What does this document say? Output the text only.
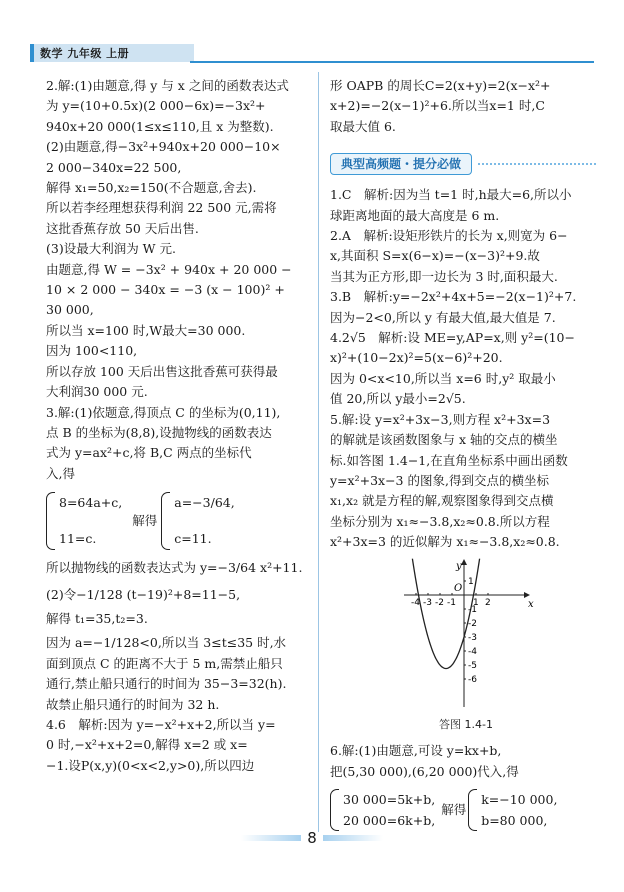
数学 九年级 上册
2.解:(1)由题意,得 y 与 x 之间的函数表达式
为 y=(10+0.5x)(2 000−6x)=−3x²+
940x+20 000(1≤x≤110,且 x 为整数).
(2)由题意,得−3x²+940x+20 000−10×
2 000−340x=22 500,
解得 x₁=50,x₂=150(不合题意,舍去).
所以若李经理想获得利润 22 500 元,需将
这批香蕉存放 50 天后出售.
(3)设最大利润为 W 元.
由题意,得 W = −3x² + 940x + 20 000 −
10 × 2 000 − 340x = −3 (x − 100)² +
30 000,
所以当 x=100 时,W最大=30 000.
因为 100<110,
所以存放 100 天后出售这批香蕉可获得最
大利润30 000 元.
3.解:(1)依题意,得顶点 C 的坐标为(0,11),
点 B 的坐标为(8,8),设抛物线的函数表达
式为 y=ax²+c,将 B,C 两点的坐标代
入,得
8=64a+c,
11=c.
解得
a=−3/64,
c=11.
所以抛物线的函数表达式为 y=−3/64 x²+11.
(2)令−1/128 (t−19)²+8=11−5,
解得 t₁=35,t₂=3.
因为 a=−1/128<0,所以当 3≤t≤35 时,水
面到顶点 C 的距离不大于 5 m,需禁止船只
通行,禁止船只通行的时间为 35−3=32(h).
故禁止船只通行的时间为 32 h.
4.6　解析:因为 y=−x²+x+2,所以当 y=
0 时,−x²+x+2=0,解得 x=2 或 x=
−1.设P(x,y)(0<x<2,y>0),所以四边
形 OAPB 的周长C=2(x+y)=2(x−x²+
x+2)=−2(x−1)²+6.所以当x=1 时,C
取最大值 6.
典型高频题・提分必做
1.C　解析:因为当 t=1 时,h最大=6,所以小
球距离地面的最大高度是 6 m.
2.A　解析:设矩形铁片的长为 x,则宽为 6−
x,其面积 S=x(6−x)=−(x−3)²+9.故
当其为正方形,即一边长为 3 时,面积最大.
3.B　解析:y=−2x²+4x+5=−2(x−1)²+7.
因为−2<0,所以 y 有最大值,最大值是 7.
4.2√5　解析:设 ME=y,AP=x,则 y²=(10−
x)²+(10−2x)²=5(x−6)²+20.
因为 0<x<10,所以当 x=6 时,y² 取最小
值 20,所以 y最小=2√5.
5.解:设 y=x²+3x−3,则方程 x²+3x=3
的解就是该函数图象与 x 轴的交点的横坐
标.如答图 1.4−1,在直角坐标系中画出函数
y=x²+3x−3 的图象,得到交点的横坐标
x₁,x₂ 就是方程的解,观察图象得到交点横
坐标分别为 x₁≈−3.8,x₂≈0.8.所以方程
x²+3x=3 的近似解为 x₁≈−3.8,x₂≈0.8.
-4 -3 -2 -1 1 2
1
-1
-2
-3
-4
-5
-6
x
y
O
答图 1.4-1
6.解:(1)由题意,可设 y=kx+b,
把(5,30 000),(6,20 000)代入,得
30 000=5k+b,
20 000=6k+b,
解得
k=−10 000,
b=80 000,
8
